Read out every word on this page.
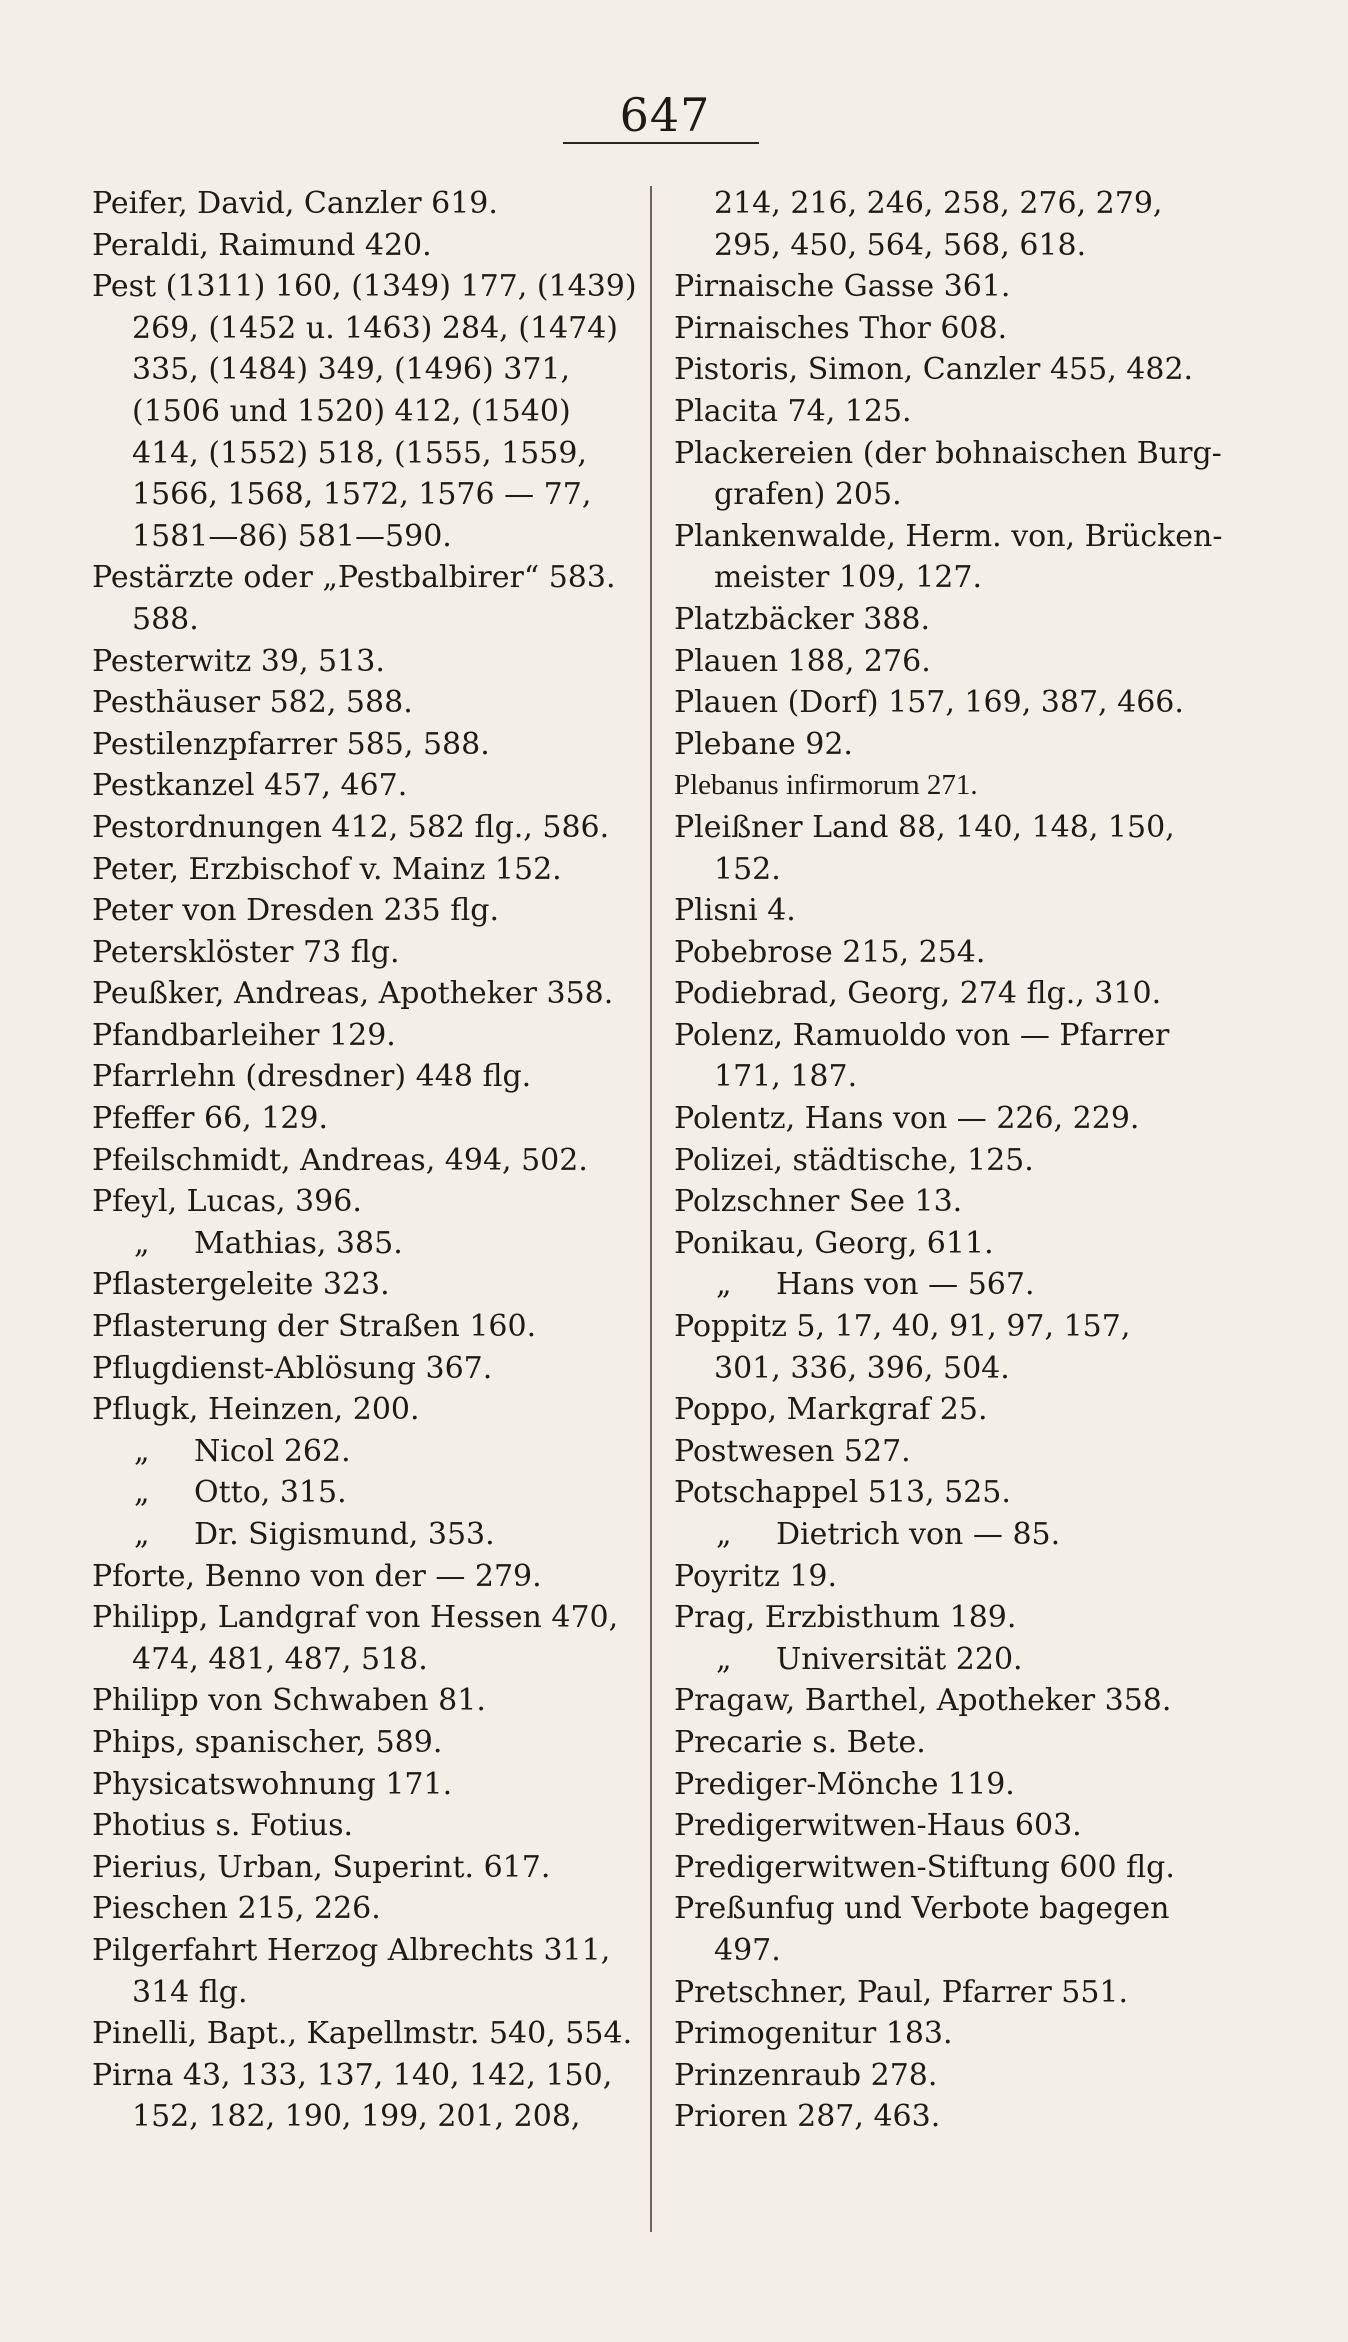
647
Peifer, David, Canzler 619.
Peraldi, Raimund 420.
Pest (1311) 160, (1349) 177, (1439)
269, (1452 u. 1463) 284, (1474)
335, (1484) 349, (1496) 371,
(1506 und 1520) 412, (1540)
414, (1552) 518, (1555, 1559,
1566, 1568, 1572, 1576 — 77,
1581—86) 581—590.
Pestärzte oder „Pestbalbirer“ 583.
588.
Pesterwitz 39, 513.
Pesthäuser 582, 588.
Pestilenzpfarrer 585, 588.
Pestkanzel 457, 467.
Pestordnungen 412, 582 flg., 586.
Peter, Erzbischof v. Mainz 152.
Peter von Dresden 235 flg.
Petersklöster 73 flg.
Peußker, Andreas, Apotheker 358.
Pfandbarleiher 129.
Pfarrlehn (dresdner) 448 flg.
Pfeffer 66, 129.
Pfeilschmidt, Andreas, 494, 502.
Pfeyl, Lucas, 396.
„ Mathias, 385.
Pflastergeleite 323.
Pflasterung der Straßen 160.
Pflugdienst-Ablösung 367.
Pflugk, Heinzen, 200.
„ Nicol 262.
„ Otto, 315.
„ Dr. Sigismund, 353.
Pforte, Benno von der — 279.
Philipp, Landgraf von Hessen 470,
474, 481, 487, 518.
Philipp von Schwaben 81.
Phips, spanischer, 589.
Physicatswohnung 171.
Photius s. Fotius.
Pierius, Urban, Superint. 617.
Pieschen 215, 226.
Pilgerfahrt Herzog Albrechts 311,
314 flg.
Pinelli, Bapt., Kapellmstr. 540, 554.
Pirna 43, 133, 137, 140, 142, 150,
152, 182, 190, 199, 201, 208,
214, 216, 246, 258, 276, 279,
295, 450, 564, 568, 618.
Pirnaische Gasse 361.
Pirnaisches Thor 608.
Pistoris, Simon, Canzler 455, 482.
Placita 74, 125.
Plackereien (der bohnaischen Burg-
grafen) 205.
Plankenwalde, Herm. von, Brücken-
meister 109, 127.
Platzbäcker 388.
Plauen 188, 276.
Plauen (Dorf) 157, 169, 387, 466.
Plebane 92.
Plebanus infirmorum 271.
Pleißner Land 88, 140, 148, 150,
152.
Plisni 4.
Pobebrose 215, 254.
Podiebrad, Georg, 274 flg., 310.
Polenz, Ramuoldo von — Pfarrer
171, 187.
Polentz, Hans von — 226, 229.
Polizei, städtische, 125.
Polzschner See 13.
Ponikau, Georg, 611.
„ Hans von — 567.
Poppitz 5, 17, 40, 91, 97, 157,
301, 336, 396, 504.
Poppo, Markgraf 25.
Postwesen 527.
Potschappel 513, 525.
„ Dietrich von — 85.
Poyritz 19.
Prag, Erzbisthum 189.
„ Universität 220.
Pragaw, Barthel, Apotheker 358.
Precarie s. Bete.
Prediger-Mönche 119.
Predigerwitwen-Haus 603.
Predigerwitwen-Stiftung 600 flg.
Preßunfug und Verbote bagegen
497.
Pretschner, Paul, Pfarrer 551.
Primogenitur 183.
Prinzenraub 278.
Prioren 287, 463.
